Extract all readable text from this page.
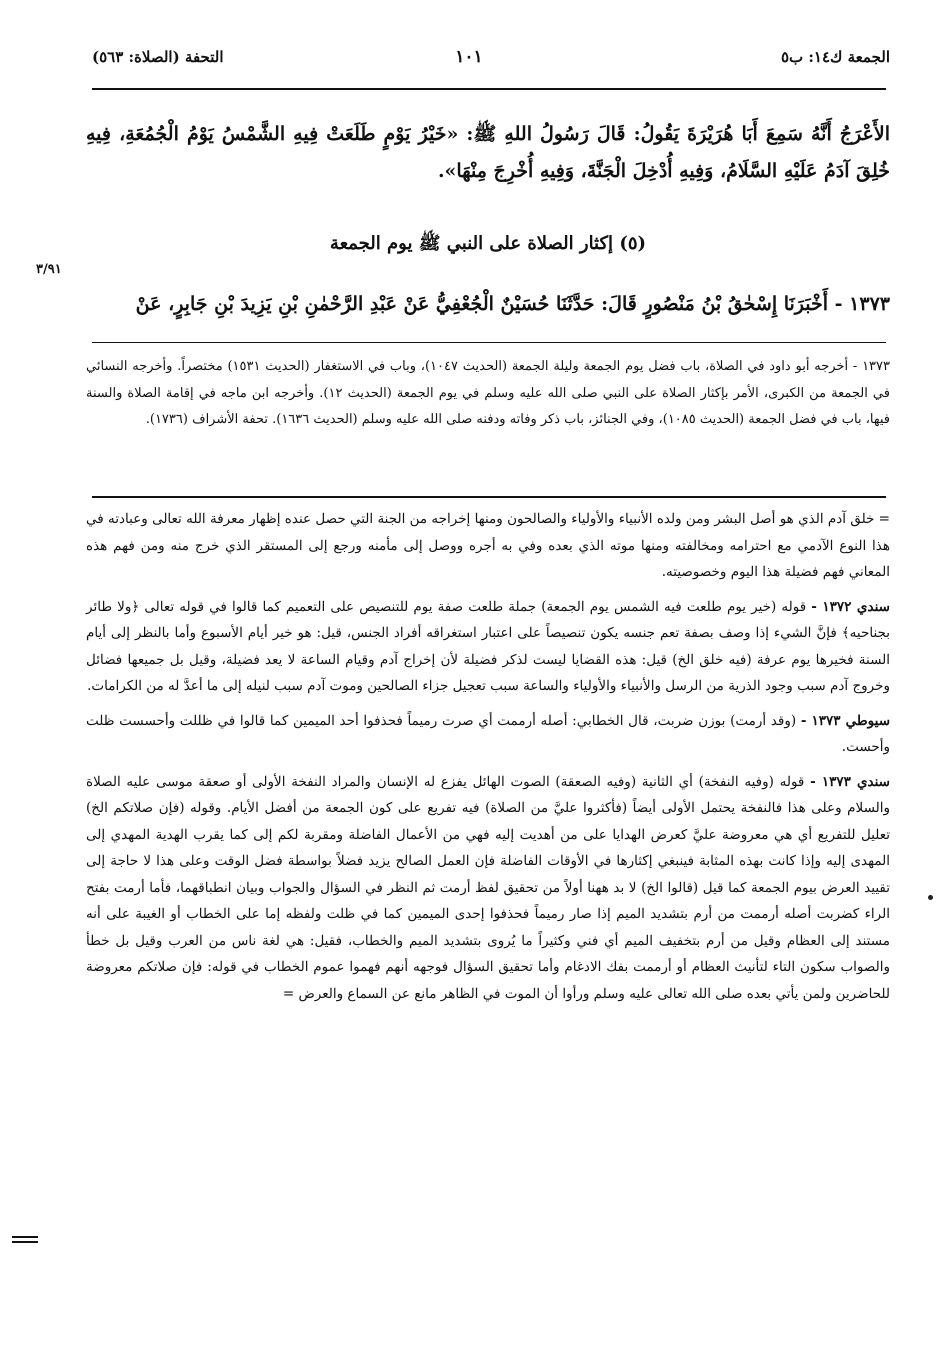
الجمعة ك١٤: ب٥
١٠١
التحفة (الصلاة: ٥٦٣)
الأَعْرَجُ أَنَّهُ سَمِعَ أَبَا هُرَيْرَةَ يَقُولُ: قَالَ رَسُولُ اللهِ ﷺ: «خَيْرُ يَوْمٍ طَلَعَتْ فِيهِ الشَّمْسُ يَوْمُ الْجُمُعَةِ، فِيهِ خُلِقَ آدَمُ عَلَيْهِ السَّلَامُ، وَفِيهِ أُدْخِلَ الْجَنَّةَ، وَفِيهِ أُخْرِجَ مِنْهَا».
(٥) إكثار الصلاة على النبي ﷺ يوم الجمعة
٣/٩١
١٣٧٣ - أَخْبَرَنَا إِسْحٰقُ بْنُ مَنْصُورٍ قَالَ: حَدَّثَنَا حُسَيْنٌ الْجُعْفِيُّ عَنْ عَبْدِ الرَّحْمٰنِ بْنِ يَزِيدَ بْنِ جَابِرٍ، عَنْ
١٣٧٣ - أخرجه أبو داود في الصلاة، باب فضل يوم الجمعة وليلة الجمعة (الحديث ١٠٤٧)، وباب في الاستغفار (الحديث ١٥٣١) مختصراً. وأخرجه النسائي في الجمعة من الكبرى، الأمر بإكثار الصلاة على النبي صلى الله عليه وسلم في يوم الجمعة (الحديث ١٢). وأخرجه ابن ماجه في إقامة الصلاة والسنة فيها، باب في فضل الجمعة (الحديث ١٠٨٥)، وفي الجنائز، باب ذكر وفاته ودفنه صلى الله عليه وسلم (الحديث ١٦٣٦). تحفة الأشراف (١٧٣٦).
= خلق آدم الذي هو أصل البشر ومن ولده الأنبياء والأولياء والصالحون ومنها إخراجه من الجنة التي حصل عنده إظهار معرفة الله تعالى وعبادته في هذا النوع الآدمي مع احترامه ومخالفته ومنها موته الذي بعده وفي به أجره ووصل إلى مأمنه ورجع إلى المستقر الذي خرج منه ومن فهم هذه المعاني فهم فضيلة هذا اليوم وخصوصيته.
سندي ١٣٧٢ - قوله (خير يوم طلعت فيه الشمس يوم الجمعة) جملة طلعت صفة يوم للتنصيص على التعميم كما قالوا في قوله تعالى ﴿ولا طائر بجناحيه﴾ فإنَّ الشيء إذا وصف بصفة تعم جنسه يكون تنصيصاً على اعتبار استغراقه أفراد الجنس، قيل: هو خير أيام الأسبوع وأما بالنظر إلى أيام السنة فخيرها يوم عرفة (فيه خلق الخ) قيل: هذه القضايا ليست لذكر فضيلة لأن إخراج آدم وقيام الساعة لا يعد فضيلة، وقيل بل جميعها فضائل وخروج آدم سبب وجود الذرية من الرسل والأنبياء والأولياء والساعة سبب تعجيل جزاء الصالحين وموت آدم سبب لنيله إلى ما أعدَّ له من الكرامات.
سيوطي ١٣٧٣ - (وقد أرمت) بوزن ضربت، قال الخطابي: أصله أرممت أي صرت رميماً فحذفوا أحد الميمين كما قالوا في ظللت وأحسست ظلت وأحست.
سندي ١٣٧٣ - قوله (وفيه النفخة) أي الثانية (وفيه الصعقة) الصوت الهائل يفزع له الإنسان والمراد النفخة الأولى أو صعقة موسى عليه الصلاة والسلام وعلى هذا فالنفخة يحتمل الأولى أيضاً (فأكثروا عليَّ من الصلاة) فيه تفريع على كون الجمعة من أفضل الأيام. وقوله (فإن صلاتكم الخ) تعليل للتفريع أي هي معروضة عليَّ كعرض الهدايا على من أهديت إليه فهي من الأعمال الفاضلة ومقربة لكم إلى كما يقرب الهدية المهدي إلى المهدى إليه وإذا كانت بهذه المثابة فينبغي إكثارها في الأوقات الفاضلة فإن العمل الصالح يزيد فضلاً بواسطة فضل الوقت وعلى هذا لا حاجة إلى تقييد العرض بيوم الجمعة كما قيل (قالوا الخ) لا بد ههنا أولاً من تحقيق لفظ أرمت ثم النظر في السؤال والجواب وبيان انطباقهما، فأما أرمت بفتح الراء كضربت أصله أرممت من أرم بتشديد الميم إذا صار رميماً فحذفوا إحدى الميمين كما في ظلت ولفظه إما على الخطاب أو الغيبة على أنه مستند إلى العظام وقيل من أرم بتخفيف الميم أي فني وكثيراً ما يُروى بتشديد الميم والخطاب، فقيل: هي لغة ناس من العرب وقيل بل خطأ والصواب سكون التاء لتأنيث العظام أو أرممت بفك الادغام وأما تحقيق السؤال فوجهه أنهم فهموا عموم الخطاب في قوله: فإن صلاتكم معروضة للحاضرين ولمن يأتي بعده صلى الله تعالى عليه وسلم ورأوا أن الموت في الظاهر مانع عن السماع والعرض =
